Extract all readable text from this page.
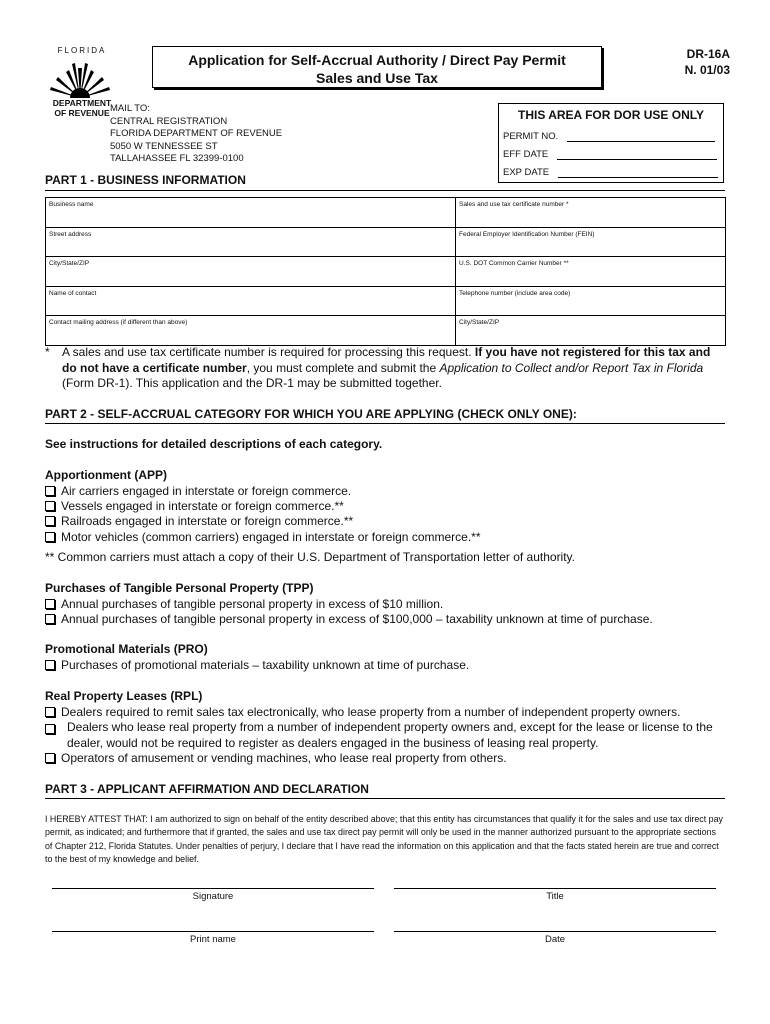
FLORIDA
DEPARTMENT
OF REVENUE
Application for Self-Accrual Authority / Direct Pay Permit
Sales and Use Tax
DR-16A
N. 01/03
MAIL TO:
CENTRAL REGISTRATION
FLORIDA DEPARTMENT OF REVENUE
5050 W TENNESSEE ST
TALLAHASSEE FL 32399-0100
THIS AREA FOR DOR USE ONLY
PERMIT NO.
EFF DATE
EXP DATE
PART 1 - BUSINESS INFORMATION
Business name	Sales and use tax certificate number *
Street address	Federal Employer Identification Number (FEIN)
City/State/ZIP	U.S. DOT Common Carrier Number **
Name of contact	Telephone number (include area code)
Contact mailing address (if different than above)	City/State/ZIP
* A sales and use tax certificate number is required for processing this request. If you have not registered for this tax and do not have a certificate number, you must complete and submit the Application to Collect and/or Report Tax in Florida (Form DR-1). This application and the DR-1 may be submitted together.
PART 2 - SELF-ACCRUAL CATEGORY FOR WHICH YOU ARE APPLYING (CHECK ONLY ONE):
See instructions for detailed descriptions of each category.
Apportionment (APP)
Air carriers engaged in interstate or foreign commerce.
Vessels engaged in interstate or foreign commerce.**
Railroads engaged in interstate or foreign commerce.**
Motor vehicles (common carriers) engaged in interstate or foreign commerce.**
** Common carriers must attach a copy of their U.S. Department of Transportation letter of authority.
Purchases of Tangible Personal Property (TPP)
Annual purchases of tangible personal property in excess of $10 million.
Annual purchases of tangible personal property in excess of $100,000 – taxability unknown at time of purchase.
Promotional Materials (PRO)
Purchases of promotional materials – taxability unknown at time of purchase.
Real Property Leases (RPL)
Dealers required to remit sales tax electronically, who lease property from a number of independent property owners.
Dealers who lease real property from a number of independent property owners and, except for the lease or license to the dealer, would not be required to register as dealers engaged in the business of leasing real property.
Operators of amusement or vending machines, who lease real property from others.
PART 3 - APPLICANT AFFIRMATION AND DECLARATION
I HEREBY ATTEST THAT: I am authorized to sign on behalf of the entity described above; that this entity has circumstances that qualify it for the sales and use tax direct pay permit, as indicated; and furthermore that if granted, the sales and use tax direct pay permit will only be used in the manner authorized pursuant to the appropriate sections of Chapter 212, Florida Statutes. Under penalties of perjury, I declare that I have read the information on this application and that the facts stated herein are true and correct to the best of my knowledge and belief.
Signature	Title
Print name	Date
